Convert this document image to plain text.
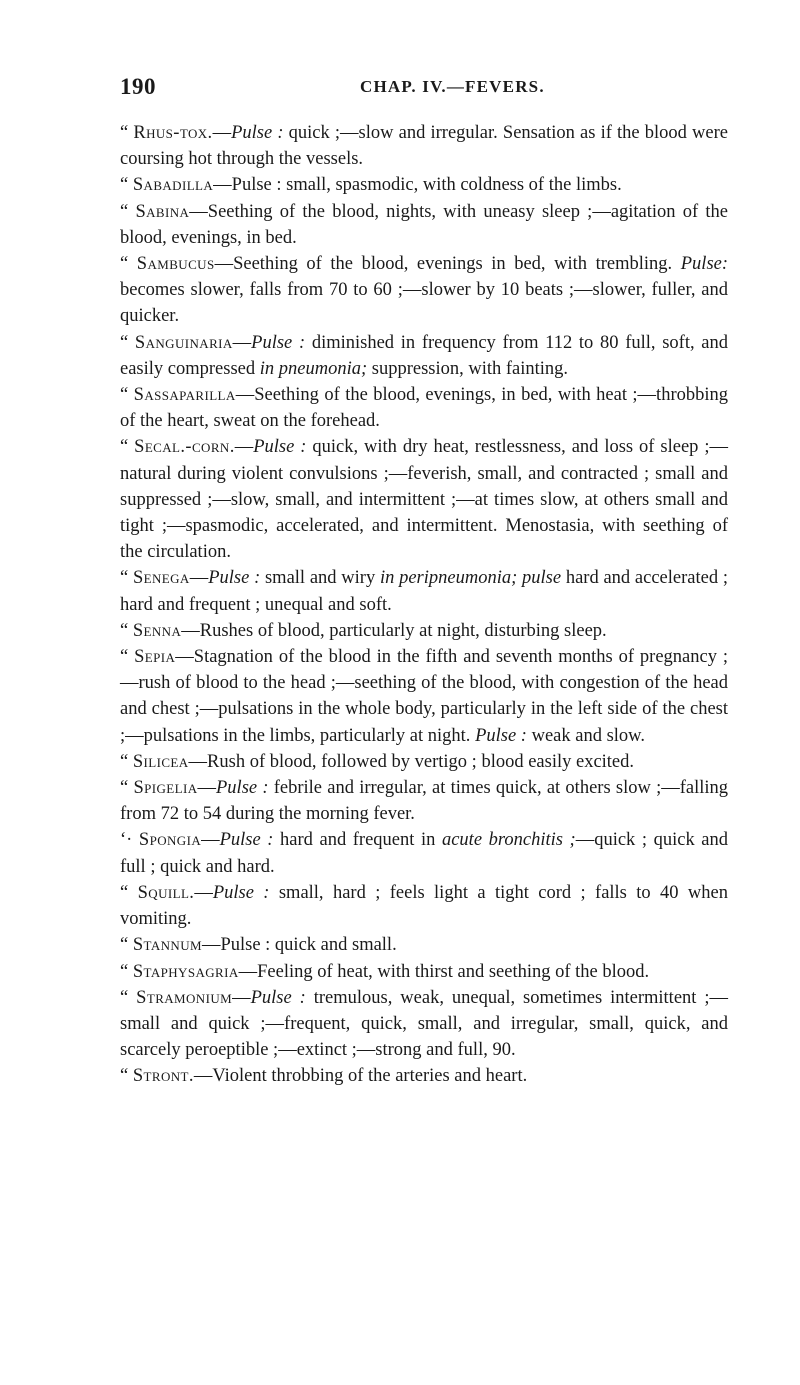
190	CHAP. IV.—FEVERS.

“ Rhus-tox.—Pulse : quick ;—slow and irregular. Sensation as if the blood were coursing hot through the vessels.

“ Sabadilla—Pulse : small, spasmodic, with coldness of the limbs.

“ Sabina—Seething of the blood, nights, with uneasy sleep ;—agitation of the blood, evenings, in bed.

“ Sambucus—Seething of the blood, evenings in bed, with trembling. Pulse: becomes slower, falls from 70 to 60 ;—slower by 10 beats ;—slower, fuller, and quicker.

“ Sanguinaria—Pulse : diminished in frequency from 112 to 80 full, soft, and easily compressed in pneumonia; suppression, with fainting.

“ Sassaparilla—Seething of the blood, evenings, in bed, with heat ;—throbbing of the heart, sweat on the forehead.

“ Secal.-corn.—Pulse : quick, with dry heat, restlessness, and loss of sleep ;—natural during violent convulsions ;—feverish, small, and contracted ; small and suppressed ;—slow, small, and intermittent ;—at times slow, at others small and tight ;—spasmodic, accelerated, and intermittent. Menostasia, with seething of the circulation.

“ Senega—Pulse : small and wiry in peripneumonia; pulse hard and accelerated ; hard and frequent ; unequal and soft.

“ Senna—Rushes of blood, particularly at night, disturbing sleep.

“ Sepia—Stagnation of the blood in the fifth and seventh months of pregnancy ;—rush of blood to the head ;—seething of the blood, with congestion of the head and chest ;—pulsations in the whole body, particularly in the left side of the chest ;—pulsations in the limbs, particularly at night. Pulse : weak and slow.

“ Silicea—Rush of blood, followed by vertigo ; blood easily excited.

“ Spigelia—Pulse : febrile and irregular, at times quick, at others slow ;—falling from 72 to 54 during the morning fever.

‘· Spongia—Pulse : hard and frequent in acute bronchitis ;—quick ; quick and full ; quick and hard.

“ Squill.—Pulse : small, hard ; feels light a tight cord ; falls to 40 when vomiting.

“ Stannum—Pulse : quick and small.

“ Staphysagria—Feeling of heat, with thirst and seething of the blood.

“ Stramonium—Pulse : tremulous, weak, unequal, sometimes intermittent ;—small and quick ;—frequent, quick, small, and irregular, small, quick, and scarcely peroeptible ;—extinct ;—strong and full, 90.

“ Stront.—Violent throbbing of the arteries and heart.
